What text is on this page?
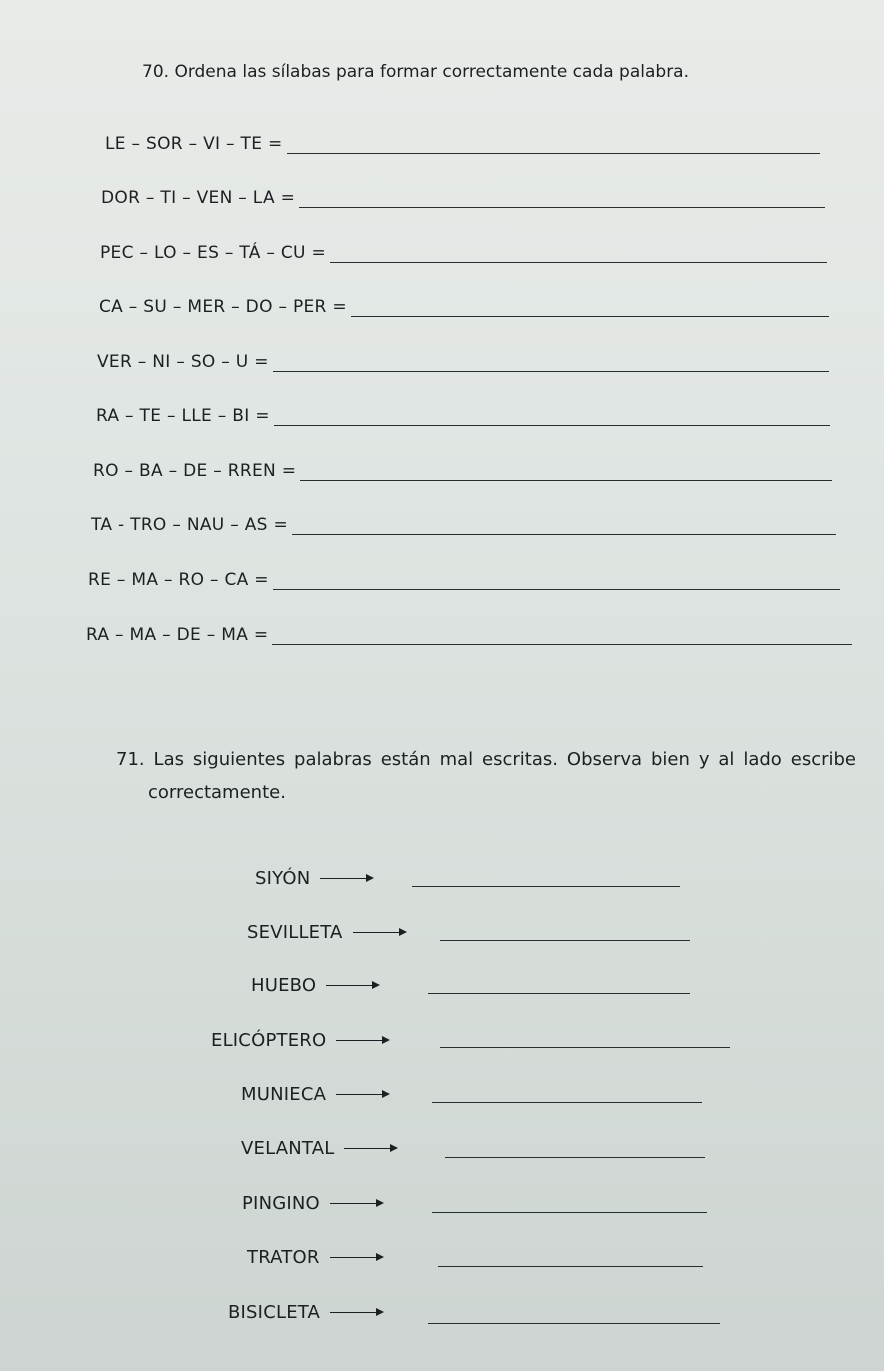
70. Ordena las sílabas para formar correctamente cada palabra.
LE – SOR – VI – TE =
DOR – TI – VEN – LA =
PEC – LO – ES – TÁ – CU =
CA – SU – MER – DO – PER =
VER – NI – SO – U =
RA – TE – LLE – BI =
RO – BA – DE – RREN =
TA - TRO – NAU – AS =
RE – MA – RO – CA =
RA – MA – DE – MA =
71. Las siguientes palabras están mal escritas. Observa bien y al lado escribe
correctamente.
SIYÓN
SEVILLETA
HUEBO
ELICÓPTERO
MUNIECA
VELANTAL
PINGINO
TRATOR
BISICLETA
